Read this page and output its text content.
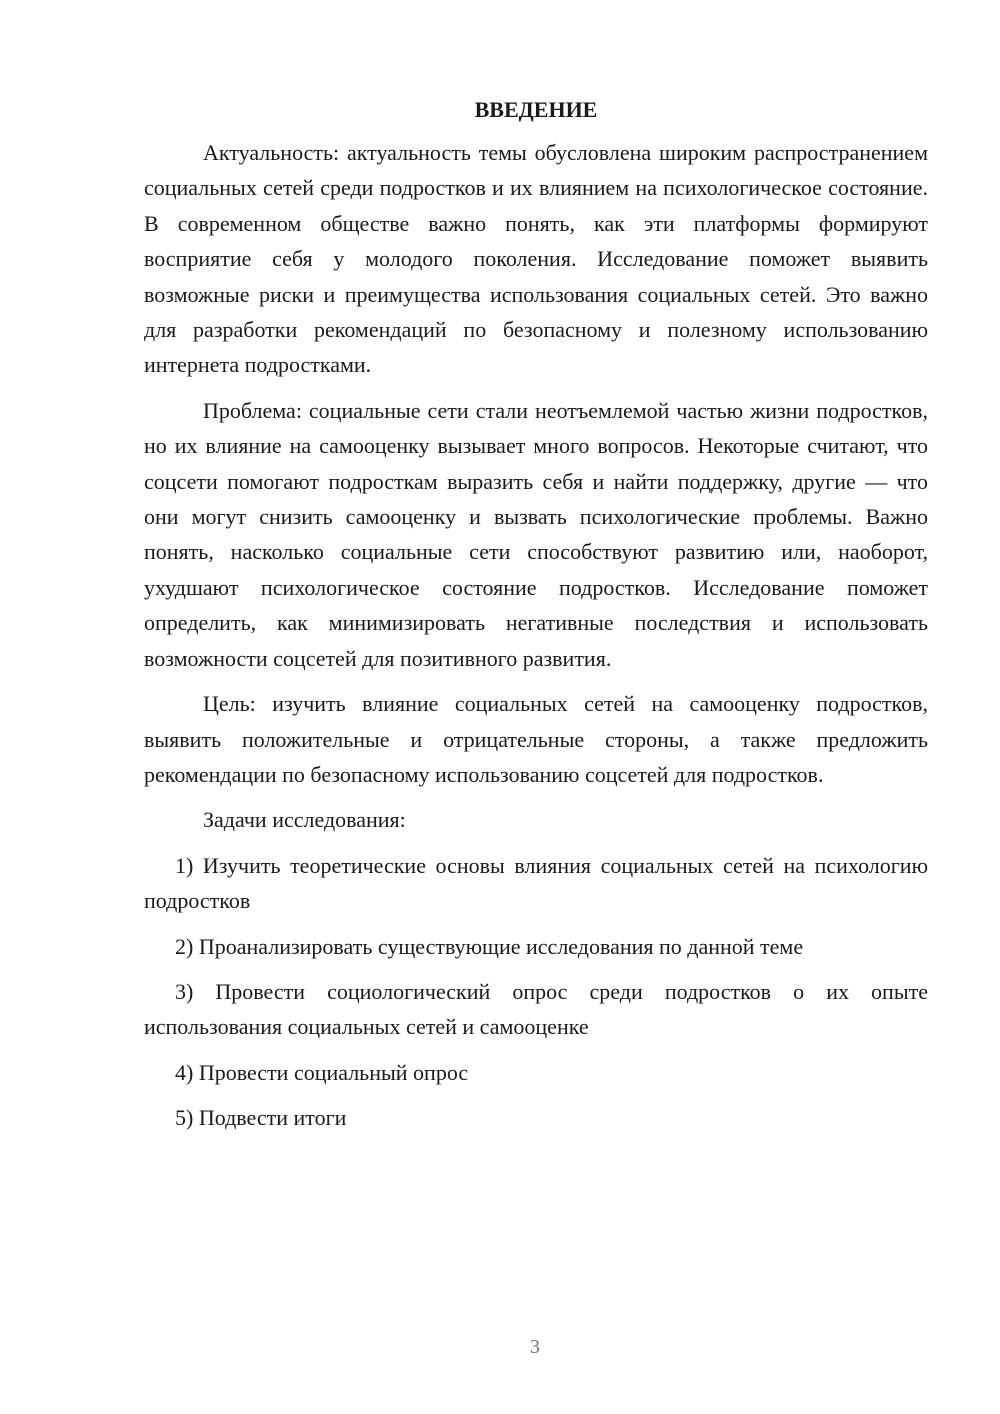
ВВЕДЕНИЕ

Актуальность: актуальность темы обусловлена широким распространением социальных сетей среди подростков и их влиянием на психологическое состояние. В современном обществе важно понять, как эти платформы формируют восприятие себя у молодого поколения. Исследование поможет выявить возможные риски и преимущества использования социальных сетей. Это важно для разработки рекомендаций по безопасному и полезному использованию интернета подростками.

Проблема: социальные сети стали неотъемлемой частью жизни подростков, но их влияние на самооценку вызывает много вопросов. Некоторые считают, что соцсети помогают подросткам выразить себя и найти поддержку, другие — что они могут снизить самооценку и вызвать психологические проблемы. Важно понять, насколько социальные сети способствуют развитию или, наоборот, ухудшают психологическое состояние подростков. Исследование поможет определить, как минимизировать негативные последствия и использовать возможности соцсетей для позитивного развития.

Цель: изучить влияние социальных сетей на самооценку подростков, выявить положительные и отрицательные стороны, а также предложить рекомендации по безопасному использованию соцсетей для подростков.

Задачи исследования:

1) Изучить теоретические основы влияния социальных сетей на психологию подростков

2) Проанализировать существующие исследования по данной теме

3) Провести социологический опрос среди подростков о их опыте использования социальных сетей и самооценке

4) Провести социальный опрос

5) Подвести итоги

3
